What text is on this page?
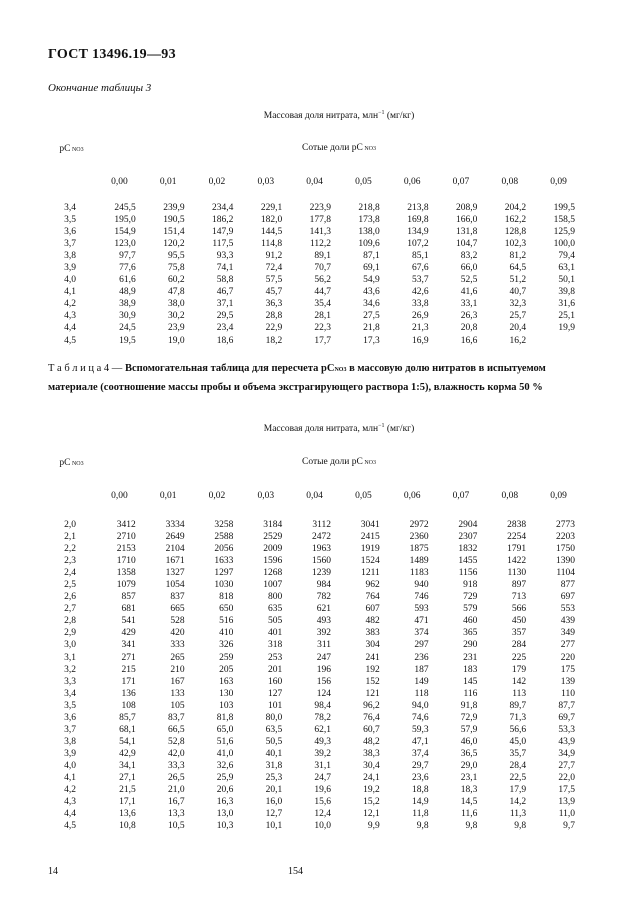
ГОСТ 13496.19—93
Окончание таблицы 3
pC NO3	Массовая доля нитрата, млн$^{-1}$ (мг/кг)									
	Сотые доли pC NO3									
	0,00	0,01	0,02	0,03	0,04	0,05	0,06	0,07	0,08	0,09
3,4	245,5	239,9	234,4	229,1	223,9	218,8	213,8	208,9	204,2	199,5
3,5	195,0	190,5	186,2	182,0	177,8	173,8	169,8	166,0	162,2	158,5
3,6	154,9	151,4	147,9	144,5	141,3	138,0	134,9	131,8	128,8	125,9
3,7	123,0	120,2	117,5	114,8	112,2	109,6	107,2	104,7	102,3	100,0
3,8	97,7	95,5	93,3	91,2	89,1	87,1	85,1	83,2	81,2	79,4
3,9	77,6	75,8	74,1	72,4	70,7	69,1	67,6	66,0	64,5	63,1
4,0	61,6	60,2	58,8	57,5	56,2	54,9	53,7	52,5	51,2	50,1
4,1	48,9	47,8	46,7	45,7	44,7	43,6	42,6	41,6	40,7	39,8
4,2	38,9	38,0	37,1	36,3	35,4	34,6	33,8	33,1	32,3	31,6
4,3	30,9	30,2	29,5	28,8	28,1	27,5	26,9	26,3	25,7	25,1
4,4	24,5	23,9	23,4	22,9	22,3	21,8	21,3	20,8	20,4	19,9
4,5	19,5	19,0	18,6	18,2	17,7	17,3	16,9	16,6	16,2	
Т а б л и ц а 4 — Вспомогательная таблица для пересчета pCNO3 в массовую долю нитратов в испытуемом материале (соотношение массы пробы и объема экстрагирующего раствора 1:5), влажность корма 50 %
pC NO3	Массовая доля нитрата, млн$^{-1}$ (мг/кг)									
	Сотые доли pC NO3									
	0,00	0,01	0,02	0,03	0,04	0,05	0,06	0,07	0,08	0,09
2,0	3412	3334	3258	3184	3112	3041	2972	2904	2838	2773
2,1	2710	2649	2588	2529	2472	2415	2360	2307	2254	2203
2,2	2153	2104	2056	2009	1963	1919	1875	1832	1791	1750
2,3	1710	1671	1633	1596	1560	1524	1489	1455	1422	1390
2,4	1358	1327	1297	1268	1239	1211	1183	1156	1130	1104
2,5	1079	1054	1030	1007	984	962	940	918	897	877
2,6	857	837	818	800	782	764	746	729	713	697
2,7	681	665	650	635	621	607	593	579	566	553
2,8	541	528	516	505	493	482	471	460	450	439
2,9	429	420	410	401	392	383	374	365	357	349
3,0	341	333	326	318	311	304	297	290	284	277
3,1	271	265	259	253	247	241	236	231	225	220
3,2	215	210	205	201	196	192	187	183	179	175
3,3	171	167	163	160	156	152	149	145	142	139
3,4	136	133	130	127	124	121	118	116	113	110
3,5	108	105	103	101	98,4	96,2	94,0	91,8	89,7	87,7
3,6	85,7	83,7	81,8	80,0	78,2	76,4	74,6	72,9	71,3	69,7
3,7	68,1	66,5	65,0	63,5	62,1	60,7	59,3	57,9	56,6	53,3
3,8	54,1	52,8	51,6	50,5	49,3	48,2	47,1	46,0	45,0	43,9
3,9	42,9	42,0	41,0	40,1	39,2	38,3	37,4	36,5	35,7	34,9
4,0	34,1	33,3	32,6	31,8	31,1	30,4	29,7	29,0	28,4	27,7
4,1	27,1	26,5	25,9	25,3	24,7	24,1	23,6	23,1	22,5	22,0
4,2	21,5	21,0	20,6	20,1	19,6	19,2	18,8	18,3	17,9	17,5
4,3	17,1	16,7	16,3	16,0	15,6	15,2	14,9	14,5	14,2	13,9
4,4	13,6	13,3	13,0	12,7	12,4	12,1	11,8	11,6	11,3	11,0
4,5	10,8	10,5	10,3	10,1	10,0	9,9	9,8	9,8	9,8	9,7
14	154
